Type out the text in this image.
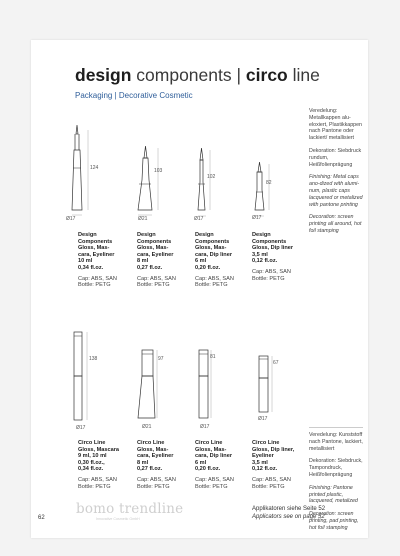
design components | circo line
Packaging | Decorative Cosmetic
124
Ø17
103
Ø21
102
Ø17
82
Ø17
Design Components Gloss, Mas-cara, Eyeliner
10 ml
0,34 fl.oz.
Cap: ABS, SAN
Bottle: PETG
Design Components Gloss, Mas-cara, Eyeliner
8 ml
0,27 fl.oz.
Cap: ABS, SAN
Bottle: PETG
Design Components Gloss, Mas-cara, Dip liner
6 ml
0,20 fl.oz.
Cap: ABS, SAN
Bottle: PETG
Design Components Gloss, Dip liner
3,5 ml
0,12 fl.oz.
Cap: ABS, SAN
Bottle: PETG

Veredelung: Metallkappen alu-eloxiert, Plastikkappen nach Pantone oder lackiert/ metallisiert

Dekoration: Siebdruck rundum, Heißfolienprägung

Finishing: Metal caps ano-dized with alumi-num, plastic caps lacquered or metalized with pantone printing

Decoration: screen printing all around, hot foil stamping

138
Ø17
97
Ø21
81
Ø17
67
Ø17
Circo Line Gloss, Mascara 9 ml, 10 ml
0,30 fl.oz.,
0,34 fl.oz.
Cap: ABS, SAN
Bottle: PETG
Circo Line Gloss, Mas-cara, Eyeliner
8 ml
0,27 fl.oz.
Cap: ABS, SAN
Bottle: PETG
Circo Line Gloss, Mas-cara, Dip liner
6 ml
0,20 fl.oz.
Cap: ABS, SAN
Bottle: PETG
Circo Line Gloss, Dip liner, Eyeliner
3,5 ml
0,12 fl.oz.
Cap: ABS, SAN
Bottle: PETG

Veredelung: Kunststoff nach Pantone, lackiert, metallisiert

Dekoration: Siebdruck, Tampondruck, Heißfolienprägung

Finishing: Pantone printed plastic, lacquered, metalized

Decoration: screen printing, pad printing, hot foil stamping

bomo trendline
Innovative Cosmetic GmbH
Applikatoren siehe Seite 52
Applicators see on page 52
62
